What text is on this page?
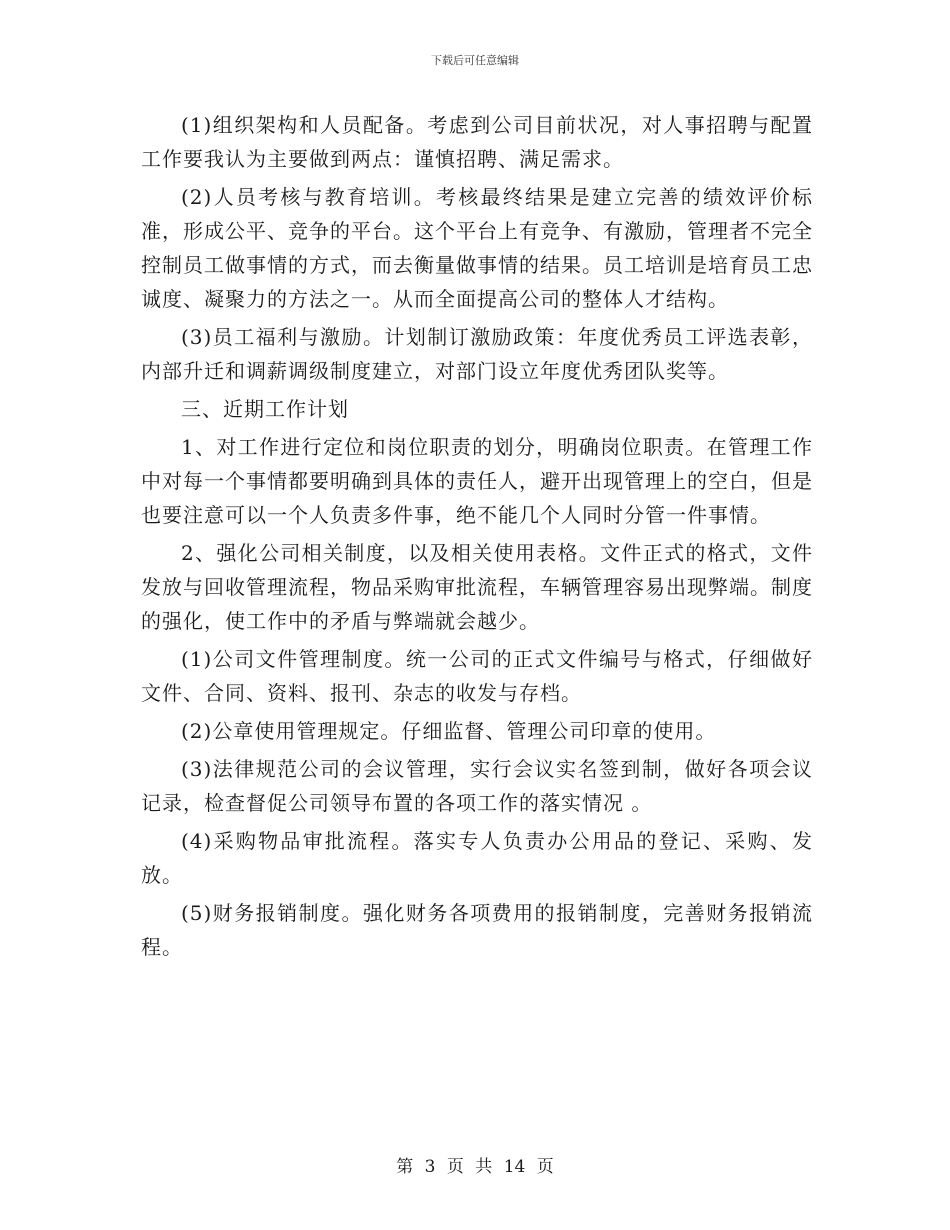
下载后可任意编辑

(1)组织架构和人员配备。考虑到公司目前状况，对人事招聘与配置工作要我认为主要做到两点：谨慎招聘、满足需求。

(2)人员考核与教育培训。考核最终结果是建立完善的绩效评价标准，形成公平、竞争的平台。这个平台上有竞争、有激励，管理者不完全控制员工做事情的方式，而去衡量做事情的结果。员工培训是培育员工忠诚度、凝聚力的方法之一。从而全面提高公司的整体人才结构。

(3)员工福利与激励。计划制订激励政策：年度优秀员工评选表彰，内部升迁和调薪调级制度建立，对部门设立年度优秀团队奖等。

三、近期工作计划

1、对工作进行定位和岗位职责的划分，明确岗位职责。在管理工作中对每一个事情都要明确到具体的责任人，避开出现管理上的空白，但是也要注意可以一个人负责多件事，绝不能几个人同时分管一件事情。

2、强化公司相关制度，以及相关使用表格。文件正式的格式，文件发放与回收管理流程，物品采购审批流程，车辆管理容易出现弊端。制度的强化，使工作中的矛盾与弊端就会越少。

(1)公司文件管理制度。统一公司的正式文件编号与格式，仔细做好文件、合同、资料、报刊、杂志的收发与存档。

(2)公章使用管理规定。仔细监督、管理公司印章的使用。

(3)法律规范公司的会议管理，实行会议实名签到制，做好各项会议记录，检查督促公司领导布置的各项工作的落实情况 。

(4)采购物品审批流程。落实专人负责办公用品的登记、采购、发放。

(5)财务报销制度。强化财务各项费用的报销制度，完善财务报销流程。

第 3 页 共 14 页
